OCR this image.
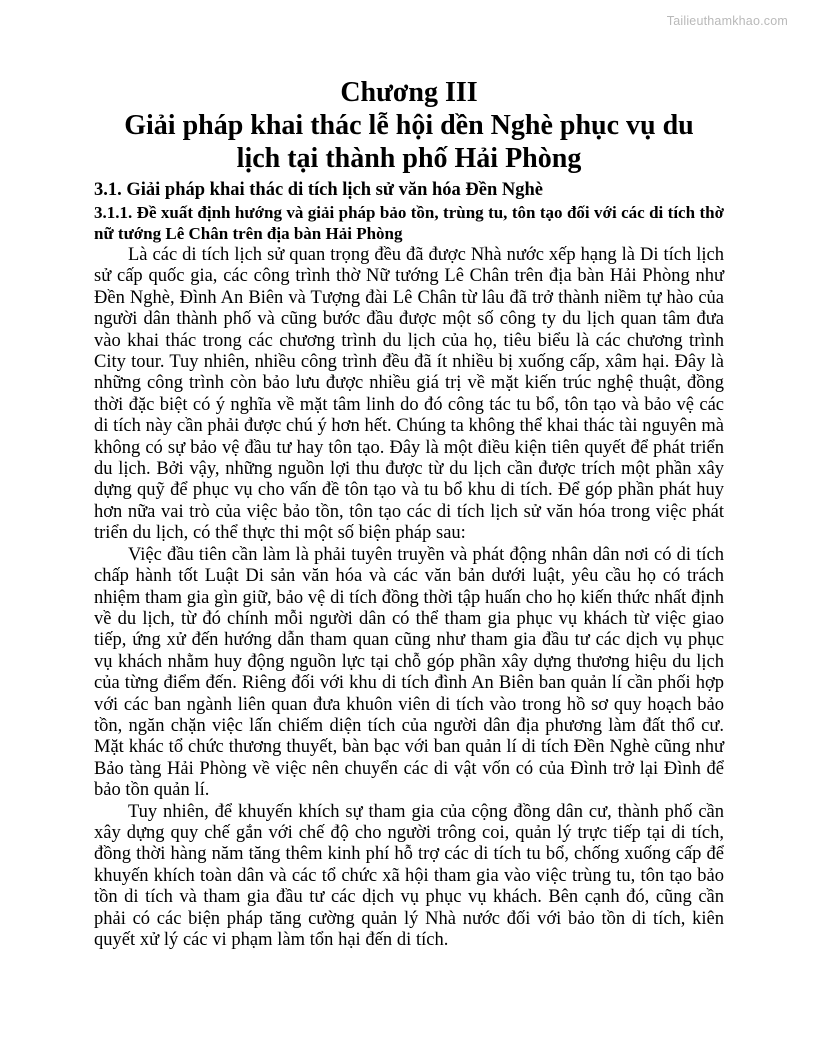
Tailieuthamkhao.com
Chương III
Giải pháp khai thác lễ hội dền Nghè phục vụ du lịch tại thành phố Hải Phòng
3.1. Giải pháp khai thác di tích lịch sử văn hóa Đền Nghè
3.1.1. Đề xuất định hướng và giải pháp bảo tồn, trùng tu, tôn tạo đối với các di tích thờ nữ tướng Lê Chân trên địa bàn Hải Phòng

Là các di tích lịch sử quan trọng đều đã được Nhà nước xếp hạng là Di tích lịch sử cấp quốc gia, các công trình thờ Nữ tướng Lê Chân trên địa bàn Hải Phòng như Đền Nghè, Đình An Biên và Tượng đài Lê Chân từ lâu đã trở thành niềm tự hào của người dân thành phố và cũng bước đầu được một số công ty du lịch quan tâm đưa vào khai thác trong các chương trình du lịch của họ, tiêu biểu là các chương trình City tour. Tuy nhiên, nhiều công trình đều đã ít nhiều bị xuống cấp, xâm hại. Đây là những công trình còn bảo lưu được nhiều giá trị về mặt kiến trúc nghệ thuật, đồng thời đặc biệt có ý nghĩa về mặt tâm linh do đó công tác tu bổ, tôn tạo và bảo vệ các di tích này cần phải được chú ý hơn hết. Chúng ta không thể khai thác tài nguyên mà không có sự bảo vệ đầu tư hay tôn tạo. Đây là một điều kiện tiên quyết để phát triển du lịch. Bởi vậy, những nguồn lợi thu được từ du lịch cần được trích một phần xây dựng quỹ để phục vụ cho vấn đề tôn tạo và tu bổ khu di tích. Để góp phần phát huy hơn nữa vai trò của việc bảo tồn, tôn tạo các di tích lịch sử văn hóa trong việc phát triển du lịch, có thể thực thi một số biện pháp sau:

Việc đầu tiên cần làm là phải tuyên truyền và phát động nhân dân nơi có di tích chấp hành tốt Luật Di sản văn hóa và các văn bản dưới luật, yêu cầu họ có trách nhiệm tham gia gìn giữ, bảo vệ di tích đồng thời tập huấn cho họ kiến thức nhất định về du lịch, từ đó chính mỗi người dân có thể tham gia phục vụ khách từ việc giao tiếp, ứng xử đến hướng dẫn tham quan cũng như tham gia đầu tư các dịch vụ phục vụ khách nhằm huy động nguồn lực tại chỗ góp phần xây dựng thương hiệu du lịch của từng điểm đến. Riêng đối với khu di tích đình An Biên ban quản lí cần phối hợp với các ban ngành liên quan đưa khuôn viên di tích vào trong hồ sơ quy hoạch bảo tồn, ngăn chặn việc lấn chiếm diện tích của người dân địa phương làm đất thổ cư. Mặt khác tổ chức thương thuyết, bàn bạc với ban quản lí di tích Đền Nghè cũng như Bảo tàng Hải Phòng về việc nên chuyển các di vật vốn có của Đình trở lại Đình để bảo tồn quản lí.

Tuy nhiên, để khuyến khích sự tham gia của cộng đồng dân cư, thành phố cần xây dựng quy chế gắn với chế độ cho người trông coi, quản lý trực tiếp tại di tích, đồng thời hàng năm tăng thêm kinh phí hỗ trợ các di tích tu bổ, chống xuống cấp để khuyến khích toàn dân và các tổ chức xã hội tham gia vào việc trùng tu, tôn tạo bảo tồn di tích và tham gia đầu tư các dịch vụ phục vụ khách. Bên cạnh đó, cũng cần phải có các biện pháp tăng cường quản lý Nhà nước đối với bảo tồn di tích, kiên quyết xử lý các vi phạm làm tổn hại đến di tích.
